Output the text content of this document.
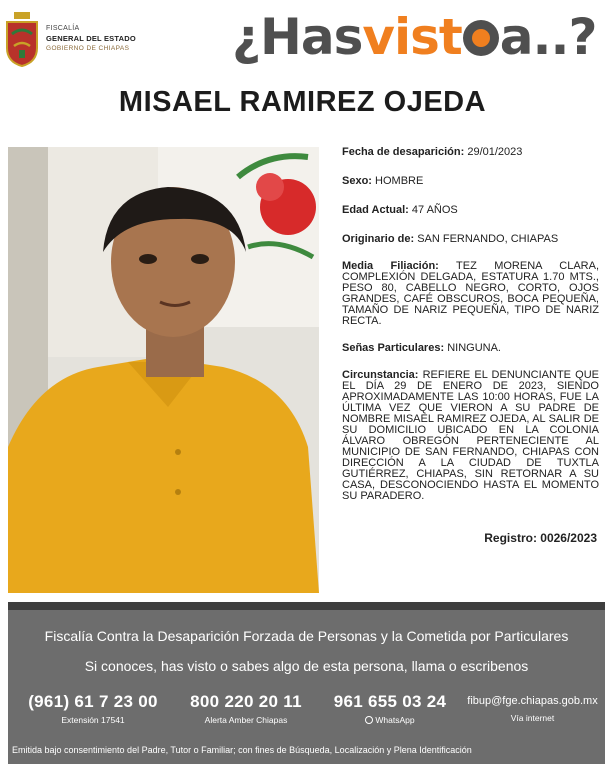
FISCALÍA
GENERAL DEL ESTADO
GOBIERNO DE CHIAPAS ¿Hasvist a..?
MISAEL RAMIREZ OJEDA
Fecha de desaparición: 29/01/2023
Sexo: HOMBRE
Edad Actual: 47 AÑOS
Originario de: SAN FERNANDO, CHIAPAS
Media Filiación: TEZ MORENA CLARA, COMPLEXIÓN DELGADA, ESTATURA 1.70 MTS., PESO 80, CABELLO NEGRO, CORTO, OJOS GRANDES, CAFÉ OBSCUROS, BOCA PEQUEÑA, TAMAÑO DE NARIZ PEQUEÑA, TIPO DE NARIZ RECTA.
Señas Particulares: NINGUNA.
Circunstancia: REFIERE EL DENUNCIANTE QUE EL DÍA 29 DE ENERO DE 2023, SIENDO APROXIMADAMENTE LAS 10:00 HORAS, FUE LA ÚLTIMA VEZ QUE VIERON A SU PADRE DE NOMBRE MISAEL RAMIREZ OJEDA, AL SALIR DE SU DOMICILIO UBICADO EN LA COLONIA ÁLVARO OBREGÓN PERTENECIENTE AL MUNICIPIO DE SAN FERNANDO, CHIAPAS CON DIRECCIÓN A LA CIUDAD DE TUXTLA GUTIÉRREZ, CHIAPAS, SIN RETORNAR A SU CASA, DESCONOCIENDO HASTA EL MOMENTO SU PARADERO.
Registro: 0026/2023
Fiscalía Contra la Desaparición Forzada de Personas y la Cometida por Particulares
Si conoces, has visto o sabes algo de esta persona, llama o escribenos
(961) 61 7 23 00
Extensión 17541
800 220 20 11
Alerta Amber Chiapas
961 655 03 24
WhatsApp
fibup@fge.chiapas.gob.mx
Vía internet
Emitida bajo consentimiento del Padre, Tutor o Familiar; con fines de Búsqueda, Localización y Plena Identificación
